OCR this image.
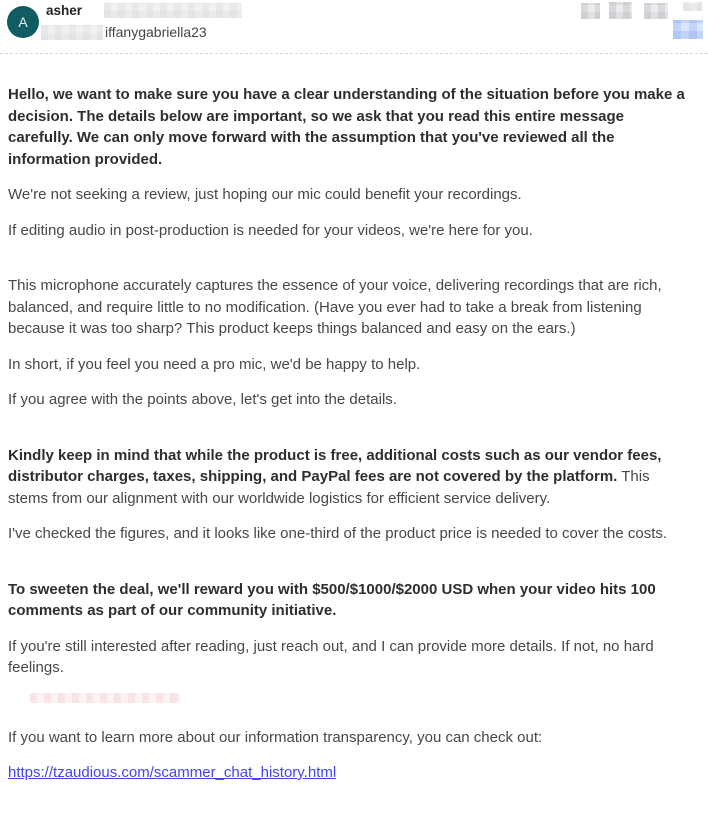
A
asher
iffanygabriella23

Hello, we want to make sure you have a clear understanding of the situation before you make a decision. The details below are important, so we ask that you read this entire message carefully. We can only move forward with the assumption that you've reviewed all the information provided.

We're not seeking a review, just hoping our mic could benefit your recordings.

If editing audio in post-production is needed for your videos, we're here for you.

This microphone accurately captures the essence of your voice, delivering recordings that are rich, balanced, and require little to no modification. (Have you ever had to take a break from listening because it was too sharp? This product keeps things balanced and easy on the ears.)

In short, if you feel you need a pro mic, we'd be happy to help.

If you agree with the points above, let's get into the details.

Kindly keep in mind that while the product is free, additional costs such as our vendor fees, distributor charges, taxes, shipping, and PayPal fees are not covered by the platform. This stems from our alignment with our worldwide logistics for efficient service delivery.

I've checked the figures, and it looks like one-third of the product price is needed to cover the costs.

To sweeten the deal, we'll reward you with $500/$1000/$2000 USD when your video hits 100 comments as part of our community initiative.

If you're still interested after reading, just reach out, and I can provide more details. If not, no hard feelings.

If you want to learn more about our information transparency, you can check out:

https://tzaudious.com/scammer_chat_history.html
